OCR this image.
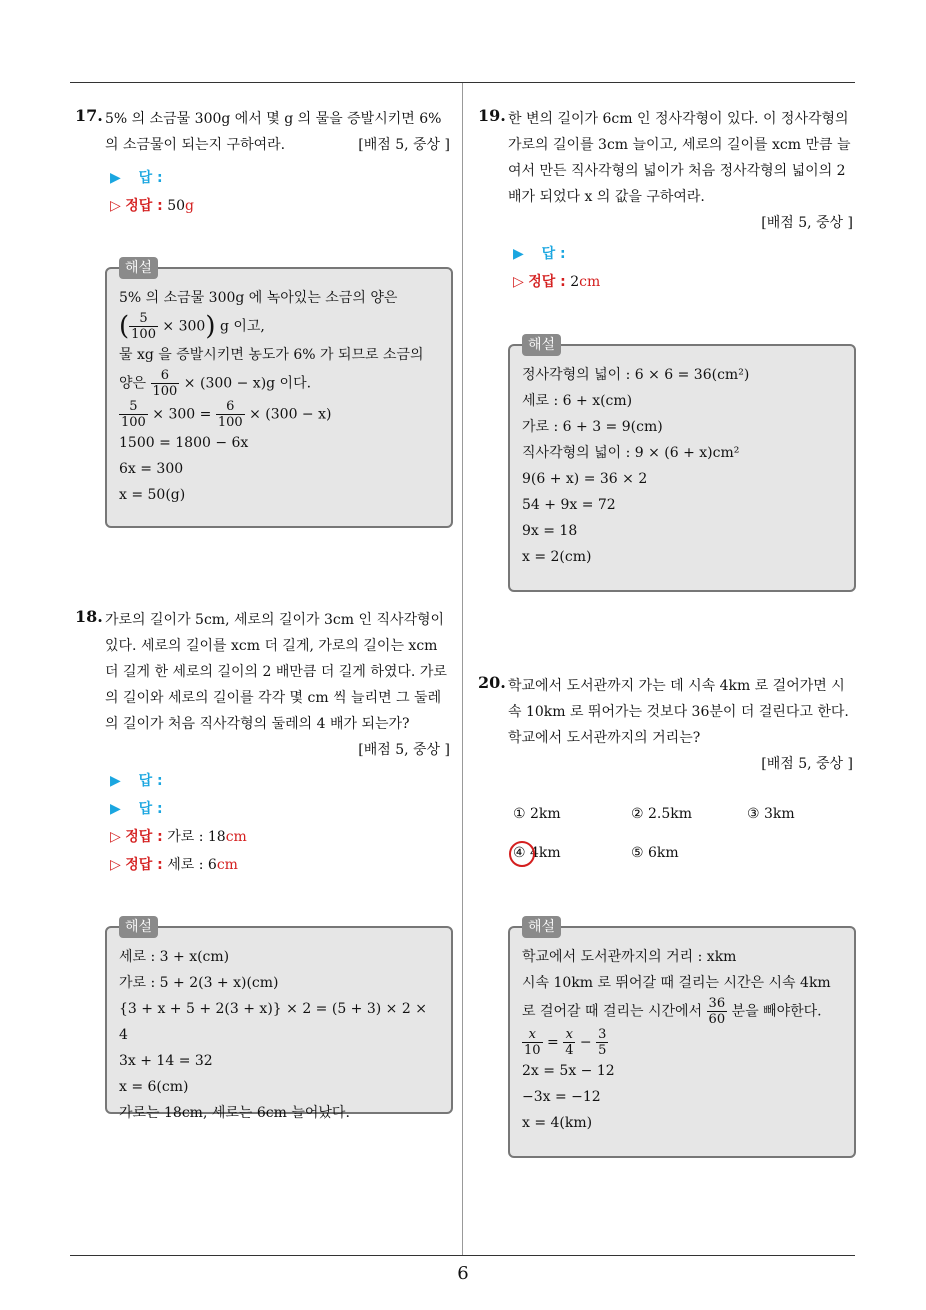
17. 5% 의 소금물 300g 에서 몇 g 의 물을 증발시키면 6% 의 소금물이 되는지 구하여라.	[배점 5, 중상 ]
▶ 답 :
▷ 정답 : 50g
해설
5% 의 소금물 300g 에 녹아있는 소금의 양은
( $\frac{5}{100} \times 300$) g 이고,
물 xg 을 증발시키면 농도가 6% 가 되므로 소금의
양은 $\frac{6}{100} \times (300 - x)g$ 이다.
$\frac{5}{100} \times 300 = \frac{6}{100} \times (300 - x)$
1500 = 1800 − 6x
6x = 300
x = 50(g)
18. 가로의 길이가 5cm, 세로의 길이가 3cm 인 직사각형이 있다. 세로의 길이를 xcm 더 길게, 가로의 길이는 xcm 더 길게 한 세로의 길이의 2 배만큼 더 길게 하였다. 가로의 길이와 세로의 길이를 각각 몇 cm 씩 늘리면 그 둘레의 길이가 처음 직사각형의 둘레의 4 배가 되는가?
[배점 5, 중상 ]
▶ 답 :
▶ 답 :
▷ 정답 : 가로 : 18cm
▷ 정답 : 세로 : 6cm
해설
세로 : 3 + x(cm)
가로 : 5 + 2(3 + x)(cm)
{3 + x + 5 + 2(3 + x)} × 2 = (5 + 3) × 2 × 4
3x + 14 = 32
x = 6(cm)
가로는 18cm, 세로는 6cm 늘어났다.
19. 한 변의 길이가 6cm 인 정사각형이 있다. 이 정사각형의 가로의 길이를 3cm 늘이고, 세로의 길이를 xcm 만큼 늘여서 만든 직사각형의 넓이가 처음 정사각형의 넓이의 2배가 되었다 x 의 값을 구하여라.
[배점 5, 중상 ]
▶ 답 :
▷ 정답 : 2cm
해설
정사각형의 넓이 : 6 × 6 = 36(cm²)
세로 : 6 + x(cm)
가로 : 6 + 3 = 9(cm)
직사각형의 넓이 : 9 × (6 + x)cm²
9(6 + x) = 36 × 2
54 + 9x = 72
9x = 18
x = 2(cm)
20. 학교에서 도서관까지 가는 데 시속 4km 로 걸어가면 시속 10km 로 뛰어가는 것보다 36분이 더 걸린다고 한다. 학교에서 도서관까지의 거리는?
[배점 5, 중상 ]
① 2km	② 2.5km	③ 3km
④ 4km	⑤ 6km
해설
학교에서 도서관까지의 거리 : xkm
시속 10km 로 뛰어갈 때 걸리는 시간은 시속 4km
로 걸어갈 때 걸리는 시간에서 $\frac{36}{60}$ 분을 빼야한다.
$\frac{x}{10} = \frac{x}{4} - \frac{3}{5}$
2x = 5x − 12
−3x = −12
x = 4(km)
6
